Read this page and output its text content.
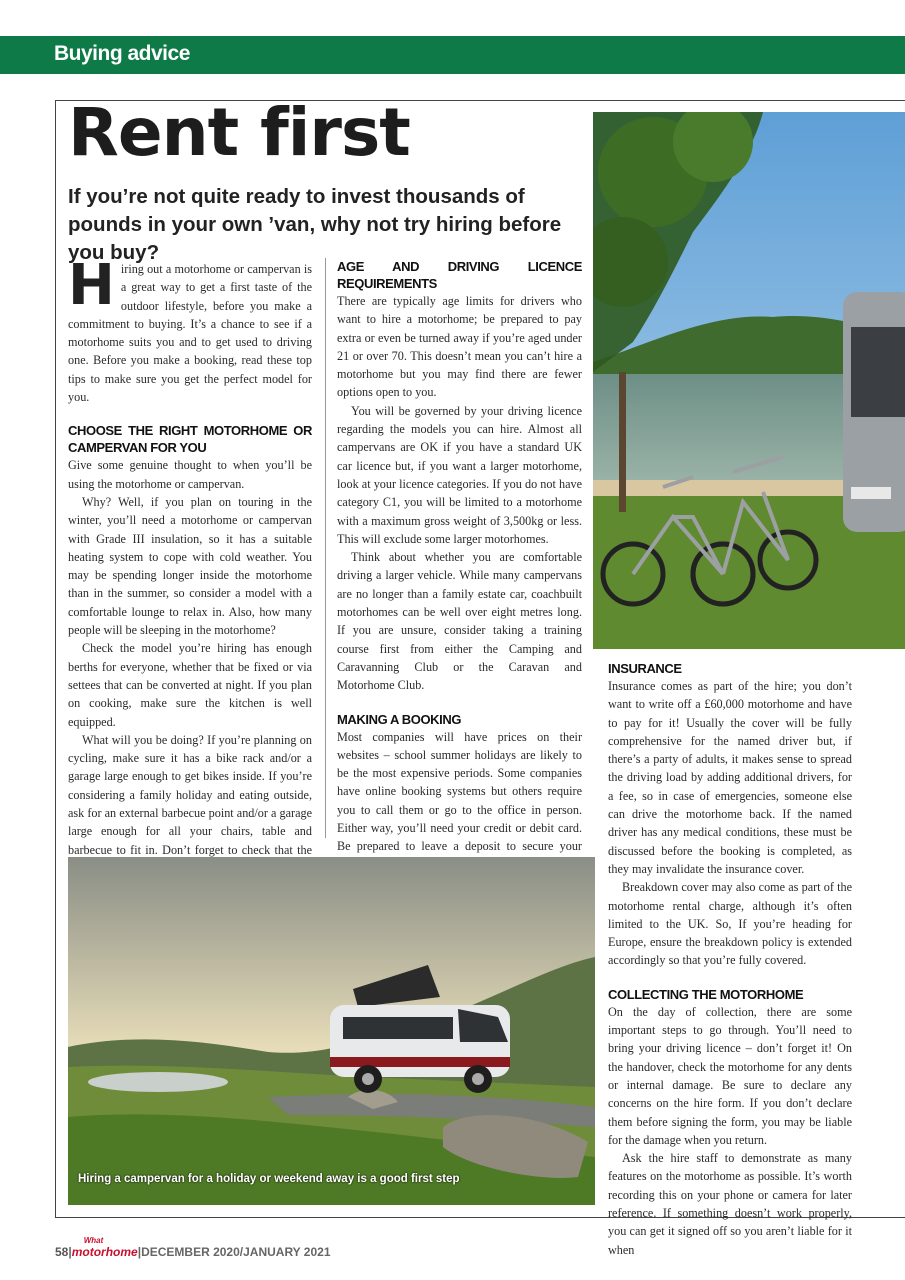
Buying advice
Rent first
If you’re not quite ready to invest thousands of pounds in your own ’van, why not try hiring before you buy?

Hiring out a motorhome or campervan is a great way to get a first taste of the outdoor lifestyle, before you make a commitment to buying. It’s a chance to see if a motorhome suits you and to get used to driving one. Before you make a booking, read these top tips to make sure you get the perfect model for you.

CHOOSE THE RIGHT MOTORHOME OR CAMPERVAN FOR YOU

Give some genuine thought to when you’ll be using the motorhome or campervan.

Why? Well, if you plan on touring in the winter, you’ll need a motorhome or campervan with Grade III insulation, so it has a suitable heating system to cope with cold weather. You may be spending longer inside the motorhome than in the summer, so consider a model with a comfortable lounge to relax in. Also, how many people will be sleeping in the motorhome?

Check the model you’re hiring has enough berths for everyone, whether that be fixed or via settees that can be converted at night. If you plan on cooking, make sure the kitchen is well equipped.

What will you be doing? If you’re planning on cycling, make sure it has a bike rack and/or a garage large enough to get bikes inside. If you’re considering a family holiday and eating outside, ask for an external barbecue point and/or a garage large enough for all your chairs, table and barbecue to fit in. Don’t forget to check that the

AGE AND DRIVING LICENCE REQUIREMENTS

There are typically age limits for drivers who want to hire a motorhome; be prepared to pay extra or even be turned away if you’re aged under 21 or over 70. This doesn’t mean you can’t hire a motorhome but you may find there are fewer options open to you.

You will be governed by your driving licence regarding the models you can hire. Almost all campervans are OK if you have a standard UK car licence but, if you want a larger motorhome, look at your licence categories. If you do not have category C1, you will be limited to a motorhome with a maximum gross weight of 3,500kg or less. This will exclude some larger motorhomes.

Think about whether you are comfortable driving a larger vehicle. While many campervans are no longer than a family estate car, coachbuilt motorhomes can be well over eight metres long. If you are unsure, consider taking a training course first from either the Camping and Caravanning Club or the Caravan and Motorhome Club.

MAKING A BOOKING

Most companies will have prices on their websites – school summer holidays are likely to be the most expensive periods. Some companies have online booking systems but others require you to call them or go to the office in person. Either way, you’ll need your credit or debit card. Be prepared to leave a deposit to secure your

INSURANCE

Insurance comes as part of the hire; you don’t want to write off a £60,000 motorhome and have to pay for it! Usually the cover will be fully comprehensive for the named driver but, if there’s a party of adults, it makes sense to spread the driving load by adding additional drivers, for a fee, so in case of emergencies, someone else can drive the motorhome back. If the named driver has any medical conditions, these must be discussed before the booking is completed, as they may invalidate the insurance cover.

Breakdown cover may also come as part of the motorhome rental charge, although it’s often limited to the UK. So, If you’re heading for Europe, ensure the breakdown policy is extended accordingly so that you’re fully covered.

COLLECTING THE MOTORHOME

On the day of collection, there are some important steps to go through. You’ll need to bring your driving licence – don’t forget it! On the handover, check the motorhome for any dents or internal damage. Be sure to declare any concerns on the hire form. If you don’t declare them before signing the form, you may be liable for the damage when you return.

Ask the hire staff to demonstrate as many features on the motorhome as possible. It’s worth recording this on your phone or camera for later reference. If something doesn’t work properly, you can get it signed off so you aren’t liable for it when

Hiring a campervan for a holiday or weekend away is a good first step
58|
What
motorhome|DECEMBER 2020/JANUARY 2021
